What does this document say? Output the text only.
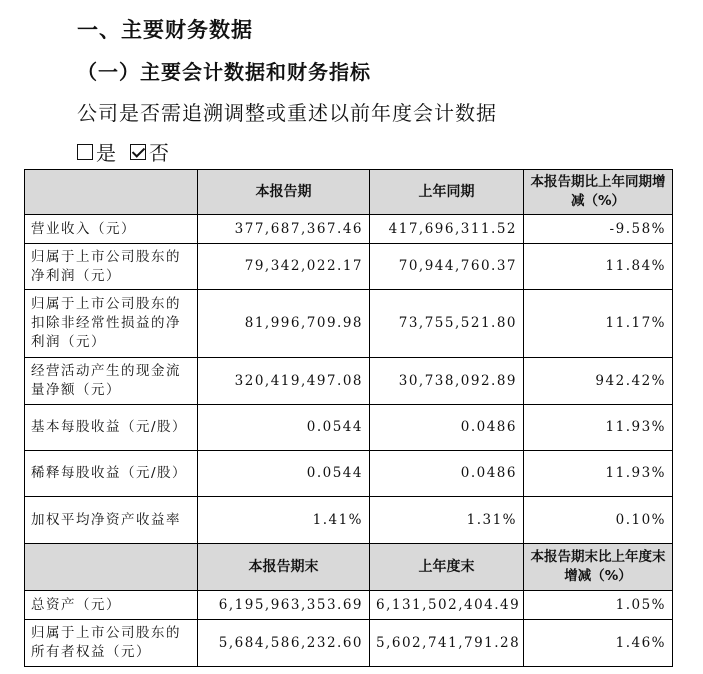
一、主要财务数据
（一）主要会计数据和财务指标
公司是否需追溯调整或重述以前年度会计数据
是 否
	本报告期	上年同期	本报告期比上年同期增减（%）
营业收入（元）	377,687,367.46	417,696,311.52	-9.58%
归属于上市公司股东的净利润（元）	79,342,022.17	70,944,760.37	11.84%
归属于上市公司股东的扣除非经常性损益的净利润（元）	81,996,709.98	73,755,521.80	11.17%
经营活动产生的现金流量净额（元）	320,419,497.08	30,738,092.89	942.42%
基本每股收益（元/股）	0.0544	0.0486	11.93%
稀释每股收益（元/股）	0.0544	0.0486	11.93%
加权平均净资产收益率	1.41%	1.31%	0.10%
	本报告期末	上年度末	本报告期末比上年度末增减（%）
总资产（元）	6,195,963,353.69	6,131,502,404.49	1.05%
归属于上市公司股东的所有者权益（元）	5,684,586,232.60	5,602,741,791.28	1.46%
